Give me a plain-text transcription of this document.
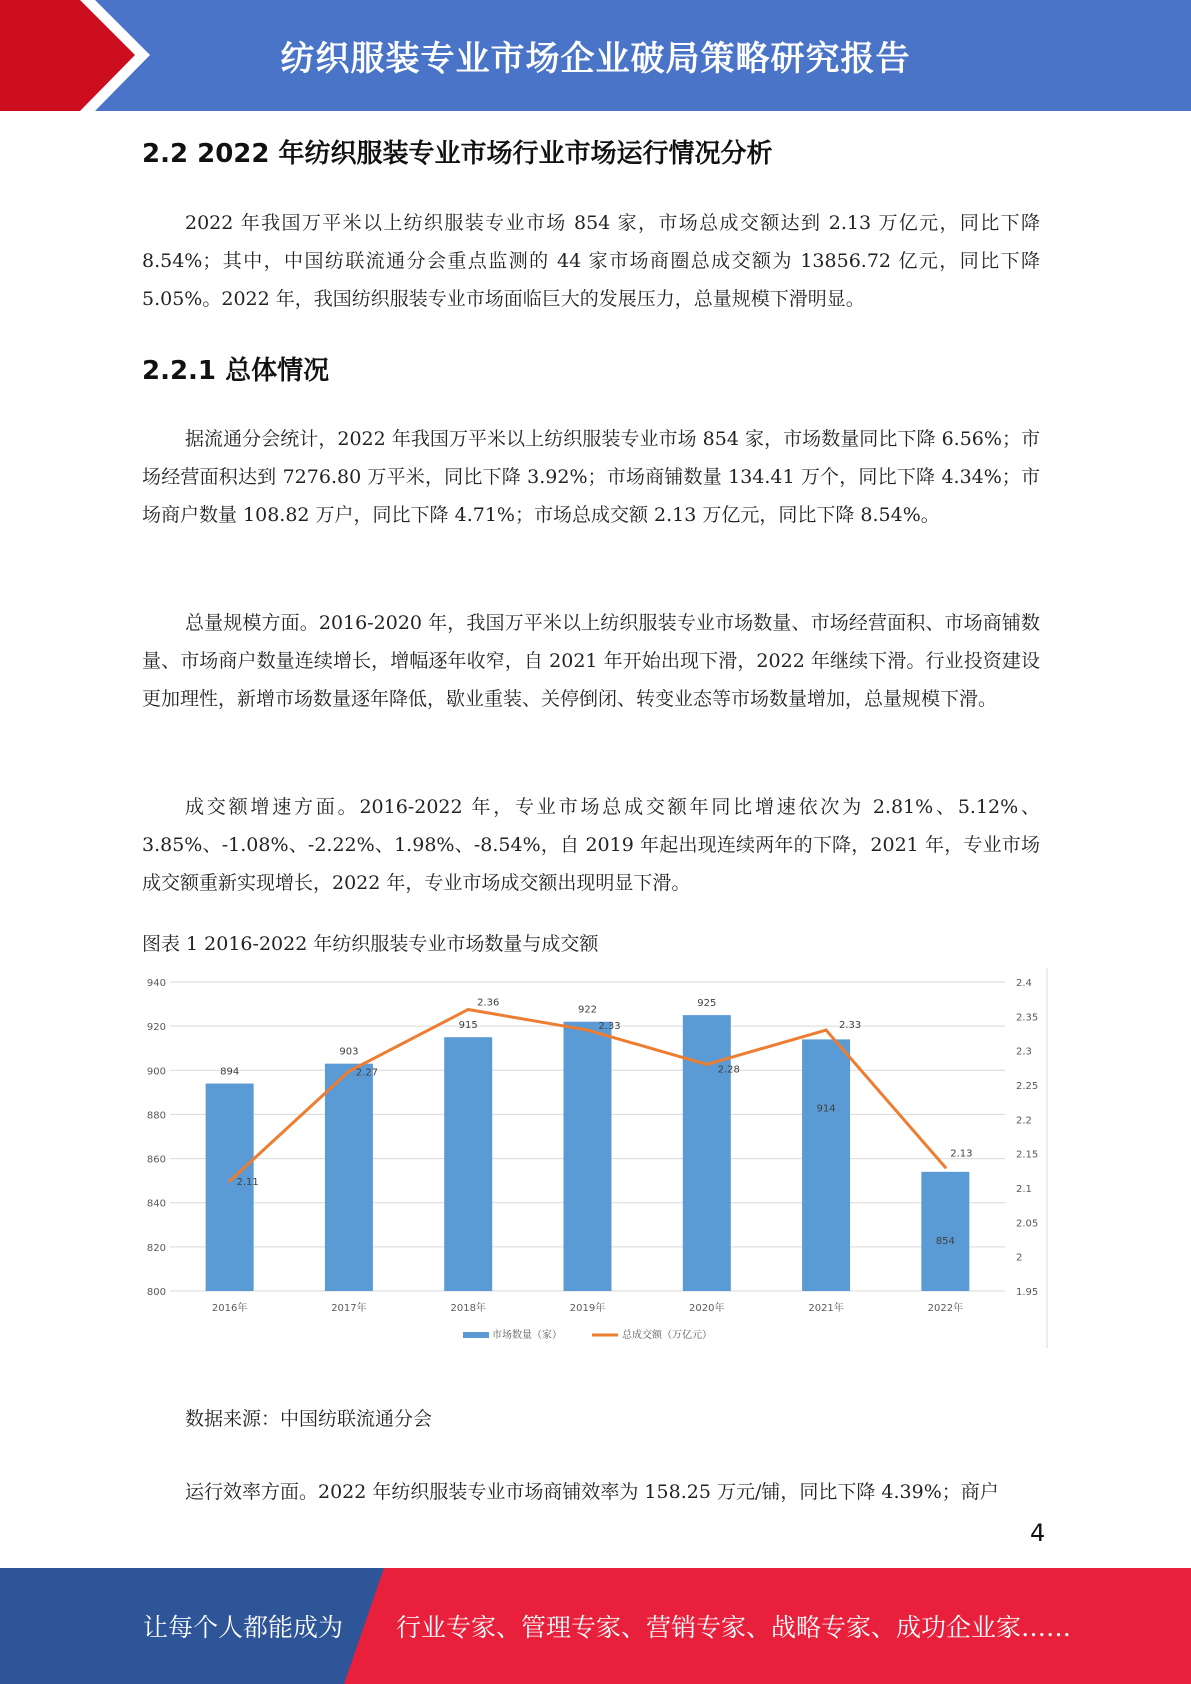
纺织服装专业市场企业破局策略研究报告
2.2 2022 年纺织服装专业市场行业市场运行情况分析

2022 年我国万平米以上纺织服装专业市场 854 家，市场总成交额达到 2.13 万亿元，同比下降 8.54%；其中，中国纺联流通分会重点监测的 44 家市场商圈总成交额为 13856.72 亿元，同比下降 5.05%。2022 年，我国纺织服装专业市场面临巨大的发展压力，总量规模下滑明显。

2.2.1 总体情况

据流通分会统计，2022 年我国万平米以上纺织服装专业市场 854 家，市场数量同比下降 6.56%；市场经营面积达到 7276.80 万平米，同比下降 3.92%；市场商铺数量 134.41 万个，同比下降 4.34%；市场商户数量 108.82 万户，同比下降 4.71%；市场总成交额 2.13 万亿元，同比下降 8.54%。

总量规模方面。2016-2020 年，我国万平米以上纺织服装专业市场数量、市场经营面积、市场商铺数量、市场商户数量连续增长，增幅逐年收窄，自 2021 年开始出现下滑，2022 年继续下滑。行业投资建设更加理性，新增市场数量逐年降低，歇业重装、关停倒闭、转变业态等市场数量增加，总量规模下滑。

成交额增速方面。2016-2022 年，专业市场总成交额年同比增速依次为 2.81%、5.12%、3.85%、-1.08%、-2.22%、1.98%、-8.54%，自 2019 年起出现连续两年的下降，2021 年，专业市场成交额重新实现增长，2022 年，专业市场成交额出现明显下滑。

图表 1 2016-2022 年纺织服装专业市场数量与成交额
800
820
840
860
880
900
920
940
1.95
2
2.05
2.1
2.15
2.2
2.25
2.3
2.35
2.4
894
903
915
922
925
914
854
2.11
2.27
2.36
2.33
2.28
2.33
2.13
2016年	2017年	2018年	2019年	2020年	2021年	2022年
市场数量（家）	总成交额（万亿元）
数据来源：中国纺联流通分会

运行效率方面。2022 年纺织服装专业市场商铺效率为 158.25 万元/铺，同比下降 4.39%；商户

4
让每个人都能成为 行业专家、管理专家、营销专家、战略专家、成功企业家……
